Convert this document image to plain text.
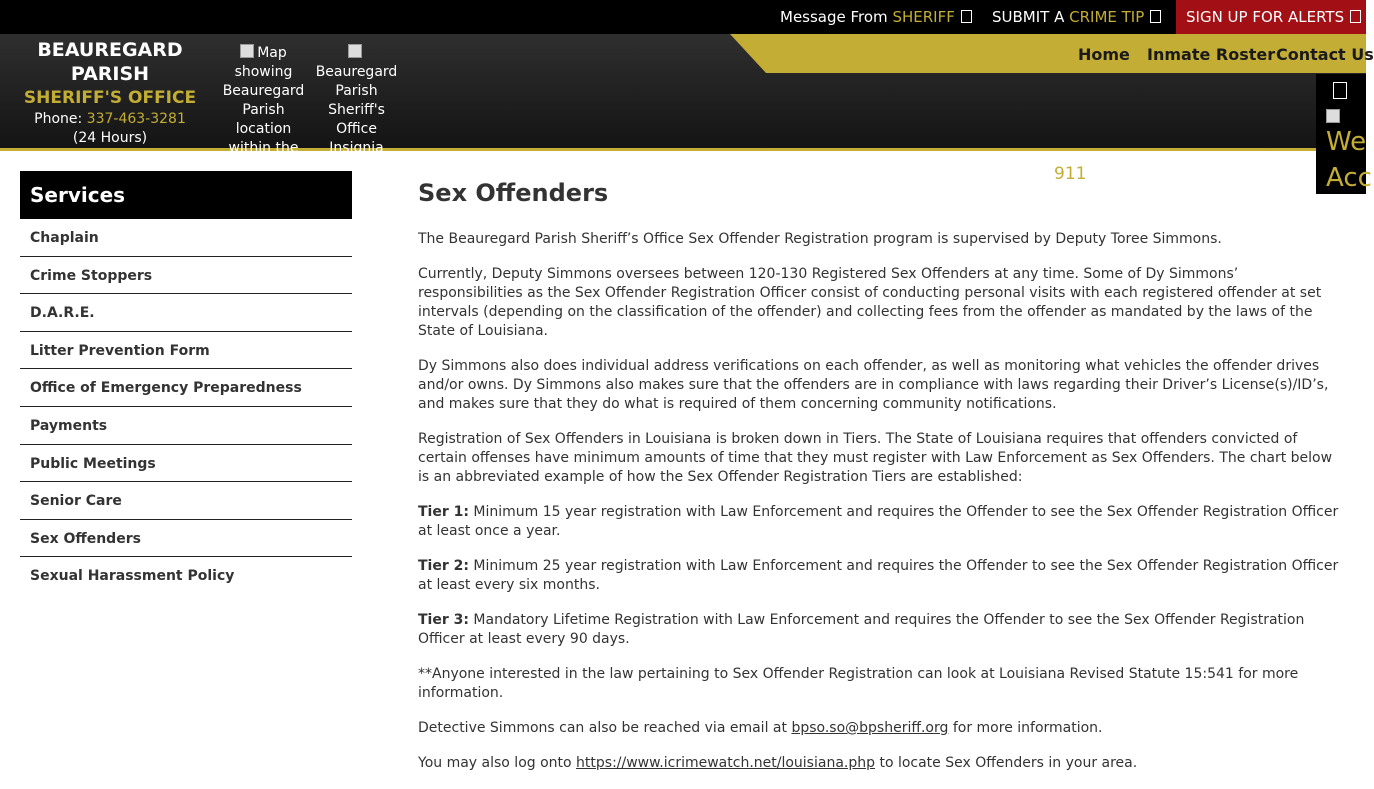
Message From SHERIFF	SUBMIT A CRIME TIP	SIGN UP FOR ALERTS
BEAUREGARD PARISH
SHERIFF'S OFFICE
Phone: 337-463-3281
(24 Hours)
Map showing Beauregard Parish location within the
Beauregard Parish Sheriff's Office Insignia
Home Inmate Roster Contact Us
We
Acc
911
Services
Chaplain
Crime Stoppers
D.A.R.E.
Litter Prevention Form
Office of Emergency Preparedness
Payments
Public Meetings
Senior Care
Sex Offenders
Sexual Harassment Policy
Sex Offenders

The Beauregard Parish Sheriff’s Office Sex Offender Registration program is supervised by Deputy Toree Simmons.

Currently, Deputy Simmons oversees between 120-130 Registered Sex Offenders at any time. Some of Dy Simmons’ responsibilities as the Sex Offender Registration Officer consist of conducting personal visits with each registered offender at set intervals (depending on the classification of the offender) and collecting fees from the offender as mandated by the laws of the State of Louisiana.

Dy Simmons also does individual address verifications on each offender, as well as monitoring what vehicles the offender drives and/or owns. Dy Simmons also makes sure that the offenders are in compliance with laws regarding their Driver’s License(s)/ID’s, and makes sure that they do what is required of them concerning community notifications.

Registration of Sex Offenders in Louisiana is broken down in Tiers. The State of Louisiana requires that offenders convicted of certain offenses have minimum amounts of time that they must register with Law Enforcement as Sex Offenders. The chart below is an abbreviated example of how the Sex Offender Registration Tiers are established:

Tier 1: Minimum 15 year registration with Law Enforcement and requires the Offender to see the Sex Offender Registration Officer at least once a year.

Tier 2: Minimum 25 year registration with Law Enforcement and requires the Offender to see the Sex Offender Registration Officer at least every six months.

Tier 3: Mandatory Lifetime Registration with Law Enforcement and requires the Offender to see the Sex Offender Registration Officer at least every 90 days.

**Anyone interested in the law pertaining to Sex Offender Registration can look at Louisiana Revised Statute 15:541 for more information.

Detective Simmons can also be reached via email at bpso.so@bpsheriff.org for more information.

You may also log onto https://www.icrimewatch.net/louisiana.php to locate Sex Offenders in your area.
